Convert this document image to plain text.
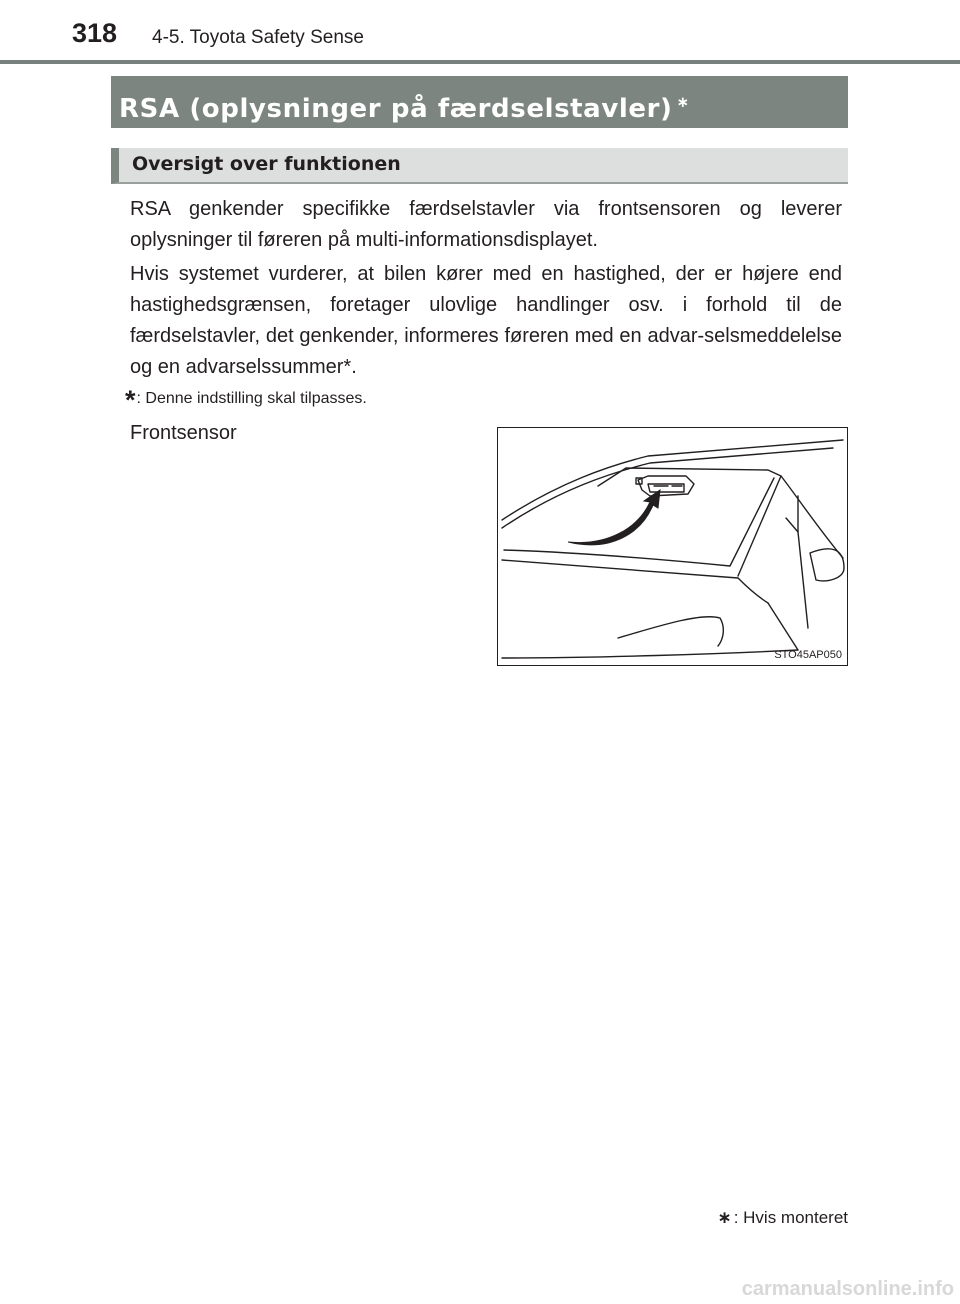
318 4-5. Toyota Safety Sense
RSA (oplysninger på færdselstavler) ∗
Oversigt over funktionen

RSA genkender specifikke færdselstavler via frontsensoren og leverer oplysninger til føreren på multi-informationsdisplayet.

Hvis systemet vurderer, at bilen kører med en hastighed, der er højere end hastighedsgrænsen, foretager ulovlige handlinger osv. i forhold til de færdselstavler, det genkender, informeres føreren med en advar-selsmeddelelse og en advarselssummer*.

*: Denne indstilling skal tilpasses.
Frontsensor
STO45AP050
∗ : Hvis monteret
carmanualsonline.info
